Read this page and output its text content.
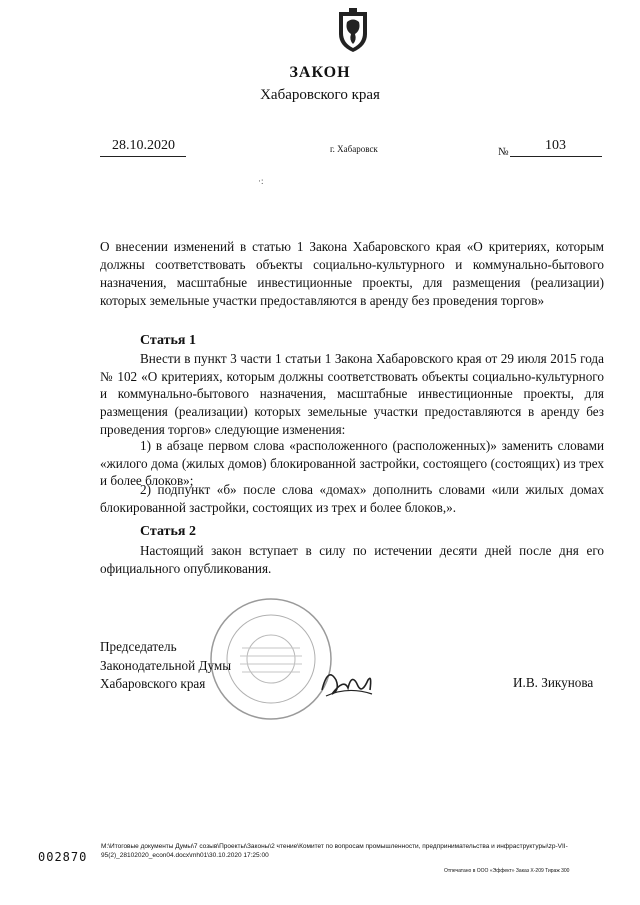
ЗАКОН
Хабаровского края
28.10.2020	г. Хабаровск	№	103
·:
О внесении изменений в статью 1 Закона Хабаровского края «О критериях, которым должны соответствовать объекты социально-культурного и коммунально-бытового назначения, масштабные инвестиционные проекты, для размещения (реализации) которых земельные участки предоставляются в аренду без проведения торгов»
Статья 1
Внести в пункт 3 части 1 статьи 1 Закона Хабаровского края от 29 июля 2015 года № 102 «О критериях, которым должны соответствовать объекты социально-культурного и коммунально-бытового назначения, масштабные инвестиционные проекты, для размещения (реализации) которых земельные участки предоставляются в аренду без проведения торгов» следующие изменения:
1) в абзаце первом слова «расположенного (расположенных)» заменить словами «жилого дома (жилых домов) блокированной застройки, состоящего (состоящих) из трех и более блоков»;
2) подпункт «б» после слова «домах» дополнить словами «или жилых домах блокированной застройки, состоящих из трех и более блоков,».
Статья 2
Настоящий закон вступает в силу по истечении десяти дней после дня его официального опубликования.
Председатель
Законодательной Думы
Хабаровского края	И.В. Зикунова
002870
M:\Итоговые документы Думы\7 созыв\Проекты\Законы\2 чтение\Комитет по вопросам промышленности, предпринимательства и инфраструктуры\zp-VII-95(2)_28102020_econ04.docx\mh01\30.10.2020 17:25:00
Отпечатано в ООО «Эффект» Заказ Х-209 Тираж 300
